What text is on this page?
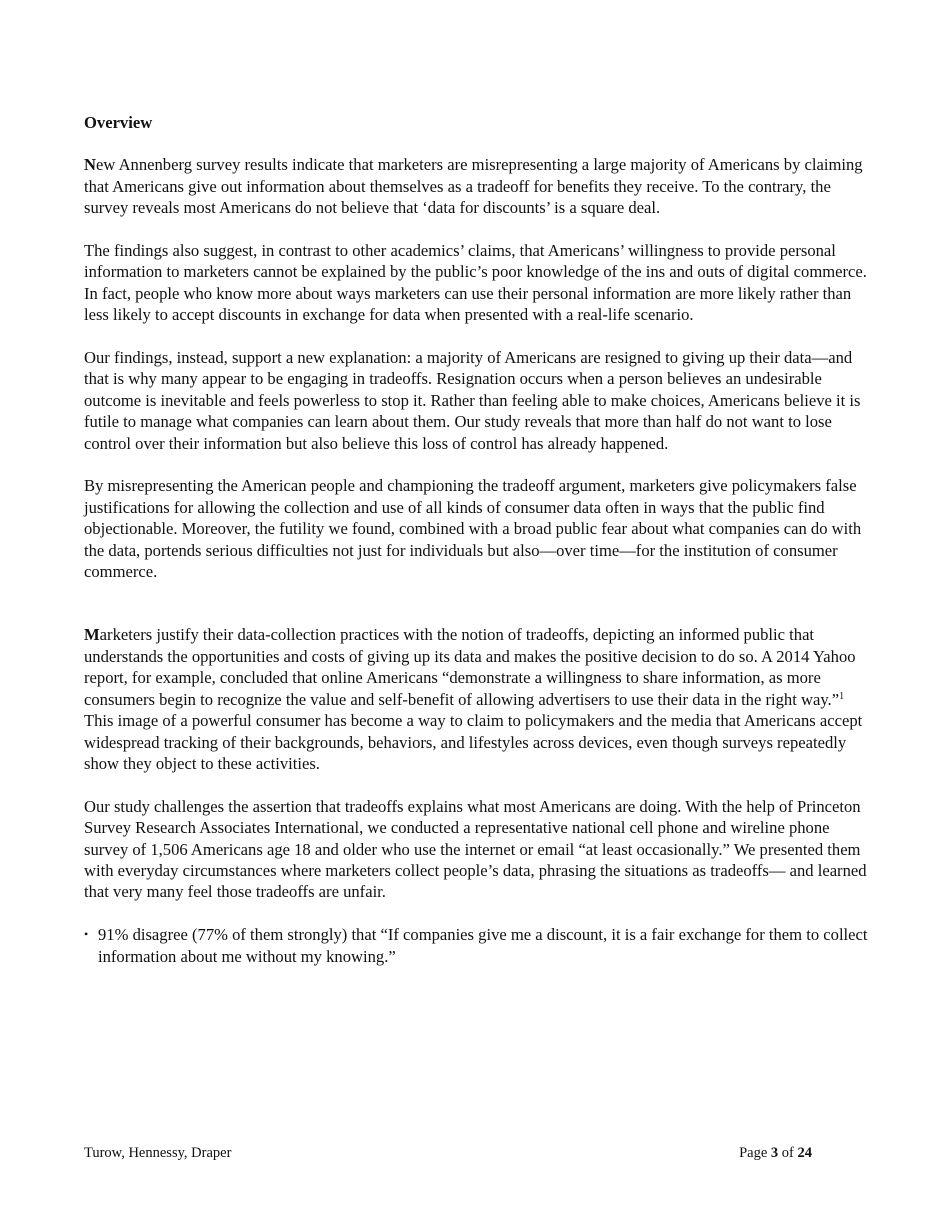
Overview

New Annenberg survey results indicate that marketers are misrepresenting a large majority of Americans by claiming that Americans give out information about themselves as a tradeoff for benefits they receive. To the contrary, the survey reveals most Americans do not believe that ‘data for discounts’ is a square deal.

The findings also suggest, in contrast to other academics’ claims, that Americans’ willingness to provide personal information to marketers cannot be explained by the public’s poor knowledge of the ins and outs of digital commerce. In fact, people who know more about ways marketers can use their personal information are more likely rather than less likely to accept discounts in exchange for data when presented with a real-life scenario.

Our findings, instead, support a new explanation: a majority of Americans are resigned to giving up their data—and that is why many appear to be engaging in tradeoffs. Resignation occurs when a person believes an undesirable outcome is inevitable and feels powerless to stop it. Rather than feeling able to make choices, Americans believe it is futile to manage what companies can learn about them. Our study reveals that more than half do not want to lose control over their information but also believe this loss of control has already happened.

By misrepresenting the American people and championing the tradeoff argument, marketers give policymakers false justifications for allowing the collection and use of all kinds of consumer data often in ways that the public find objectionable. Moreover, the futility we found, combined with a broad public fear about what companies can do with the data, portends serious difficulties not just for individuals but also—over time—for the institution of consumer commerce.

Marketers justify their data-collection practices with the notion of tradeoffs, depicting an informed public that understands the opportunities and costs of giving up its data and makes the positive decision to do so. A 2014 Yahoo report, for example, concluded that online Americans “demonstrate a willingness to share information, as more consumers begin to recognize the value and self-benefit of allowing advertisers to use their data in the right way.”$^1$ This image of a powerful consumer has become a way to claim to policymakers and the media that Americans accept widespread tracking of their backgrounds, behaviors, and lifestyles across devices, even though surveys repeatedly show they object to these activities.

Our study challenges the assertion that tradeoffs explains what most Americans are doing. With the help of Princeton Survey Research Associates International, we conducted a representative national cell phone and wireline phone survey of 1,506 Americans age 18 and older who use the internet or email “at least occasionally.” We presented them with everyday circumstances where marketers collect people’s data, phrasing the situations as tradeoffs— and learned that very many feel those tradeoffs are unfair.

• 91% disagree (77% of them strongly) that “If companies give me a discount, it is a fair exchange for them to collect information about me without my knowing.”
Turow, Hennessy, Draper	Page 3 of 24
